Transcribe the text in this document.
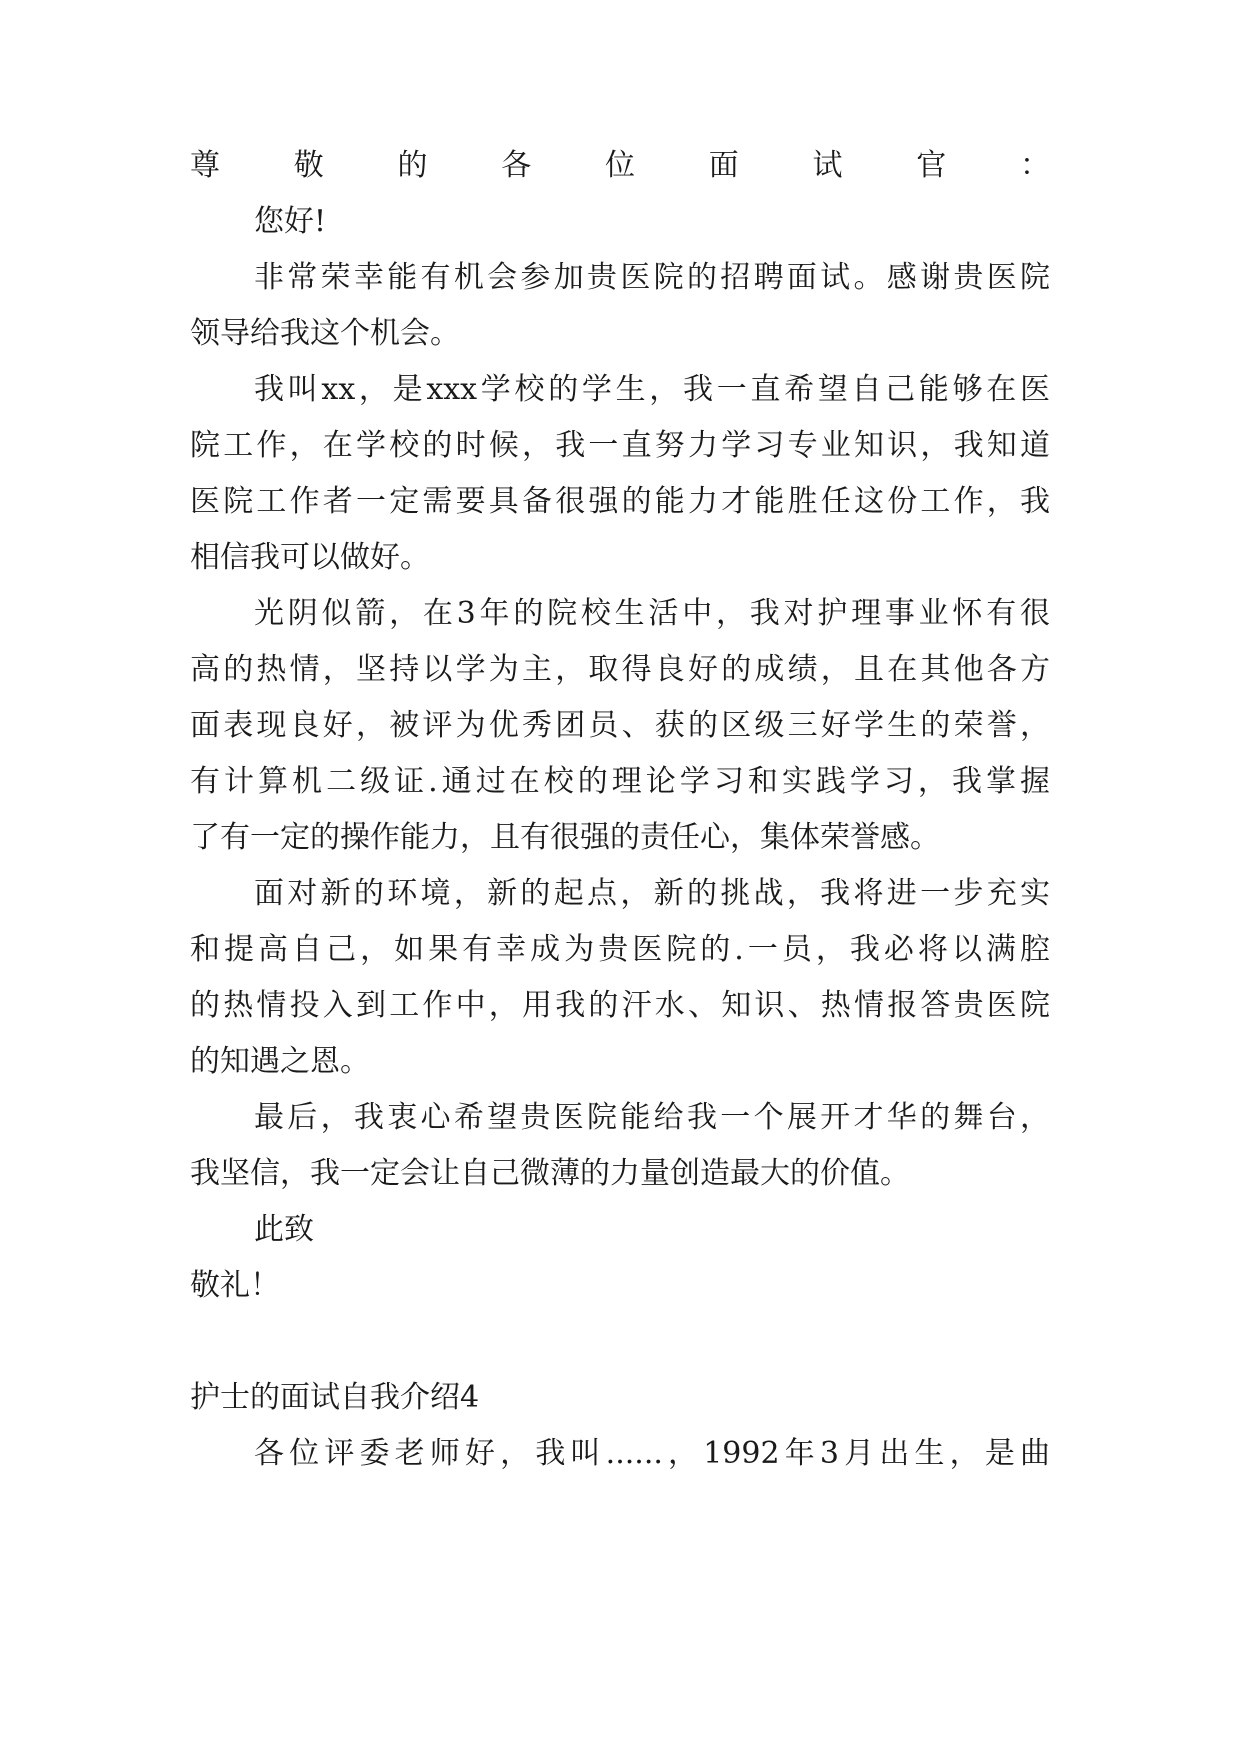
尊敬的各位面试官：
您好!
非常荣幸能有机会参加贵医院的招聘面试。感谢贵医院
领导给我这个机会。
我叫xx，是xxx学校的学生，我一直希望自己能够在医
院工作，在学校的时候，我一直努力学习专业知识，我知道
医院工作者一定需要具备很强的能力才能胜任这份工作，我
相信我可以做好。
光阴似箭，在3年的院校生活中，我对护理事业怀有很
高的热情，坚持以学为主，取得良好的成绩，且在其他各方
面表现良好，被评为优秀团员、获的区级三好学生的荣誉，
有计算机二级证.通过在校的理论学习和实践学习，我掌握
了有一定的操作能力，且有很强的责任心，集体荣誉感。
面对新的环境，新的起点，新的挑战，我将进一步充实
和提高自己，如果有幸成为贵医院的.一员，我必将以满腔
的热情投入到工作中，用我的汗水、知识、热情报答贵医院
的知遇之恩。
最后，我衷心希望贵医院能给我一个展开才华的舞台，
我坚信，我一定会让自己微薄的力量创造最大的价值。
此致
敬礼！
护士的面试自我介绍4
各位评委老师好，我叫......，1992年3月出生，是曲
